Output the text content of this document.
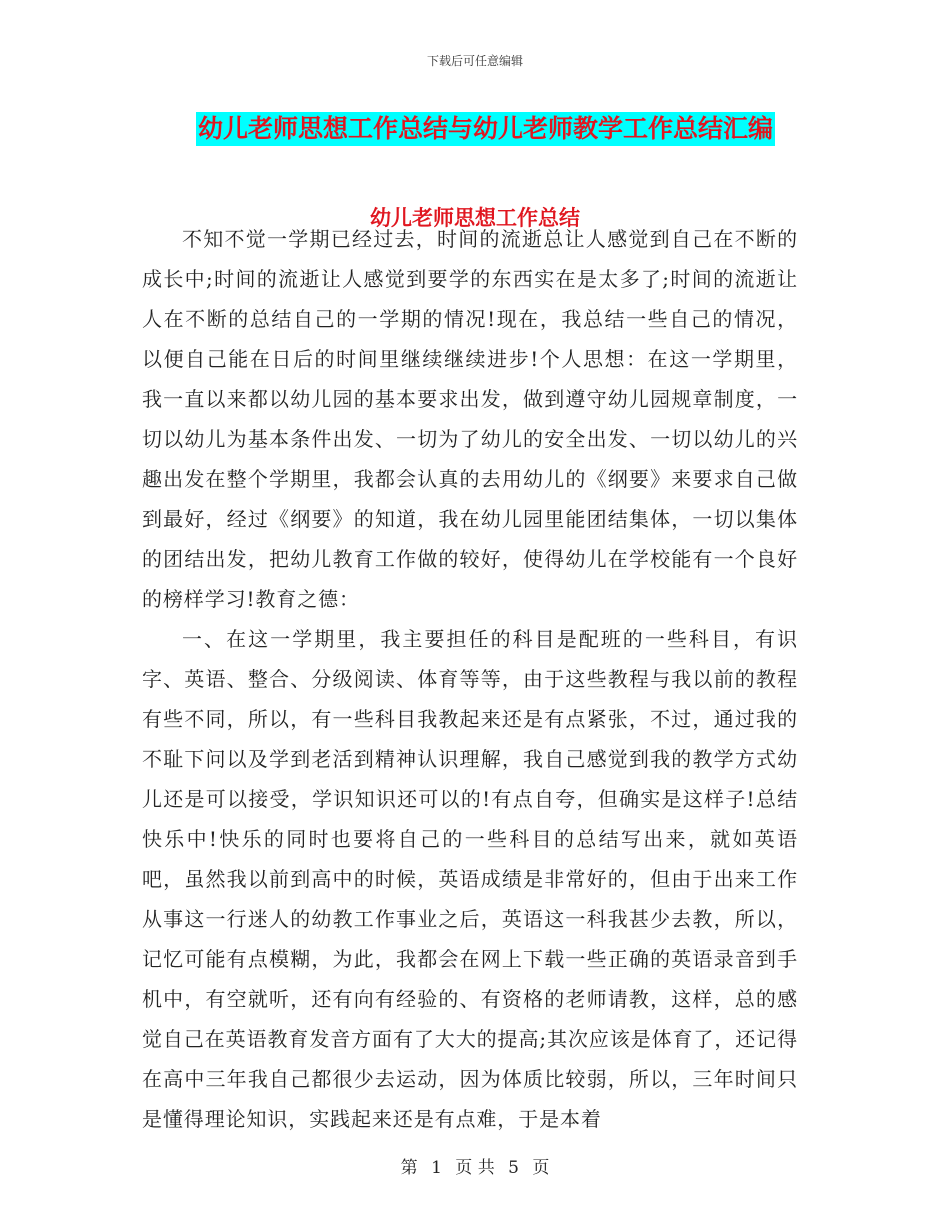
下载后可任意编辑
幼儿老师思想工作总结与幼儿老师教学工作总结汇编
幼儿老师思想工作总结

不知不觉一学期已经过去，时间的流逝总让人感觉到自己在不断的成长中;时间的流逝让人感觉到要学的东西实在是太多了;时间的流逝让人在不断的总结自己的一学期的情况!现在，我总结一些自己的情况，以便自己能在日后的时间里继续继续进步!个人思想：在这一学期里，我一直以来都以幼儿园的基本要求出发，做到遵守幼儿园规章制度，一切以幼儿为基本条件出发、一切为了幼儿的安全出发、一切以幼儿的兴趣出发在整个学期里，我都会认真的去用幼儿的《纲要》来要求自己做到最好，经过《纲要》的知道，我在幼儿园里能团结集体，一切以集体的团结出发，把幼儿教育工作做的较好，使得幼儿在学校能有一个良好的榜样学习!教育之德：

一、在这一学期里，我主要担任的科目是配班的一些科目，有识字、英语、整合、分级阅读、体育等等，由于这些教程与我以前的教程有些不同，所以，有一些科目我教起来还是有点紧张，不过，通过我的不耻下问以及学到老活到精神认识理解，我自己感觉到我的教学方式幼儿还是可以接受，学识知识还可以的!有点自夸，但确实是这样子!总结快乐中!快乐的同时也要将自己的一些科目的总结写出来，就如英语吧，虽然我以前到高中的时候，英语成绩是非常好的，但由于出来工作从事这一行迷人的幼教工作事业之后，英语这一科我甚少去教，所以，记忆可能有点模糊，为此，我都会在网上下载一些正确的英语录音到手机中，有空就听，还有向有经验的、有资格的老师请教，这样，总的感觉自己在英语教育发音方面有了大大的提高;其次应该是体育了，还记得在高中三年我自己都很少去运动，因为体质比较弱，所以，三年时间只是懂得理论知识，实践起来还是有点难，于是本着

第 1 页 共 5 页
